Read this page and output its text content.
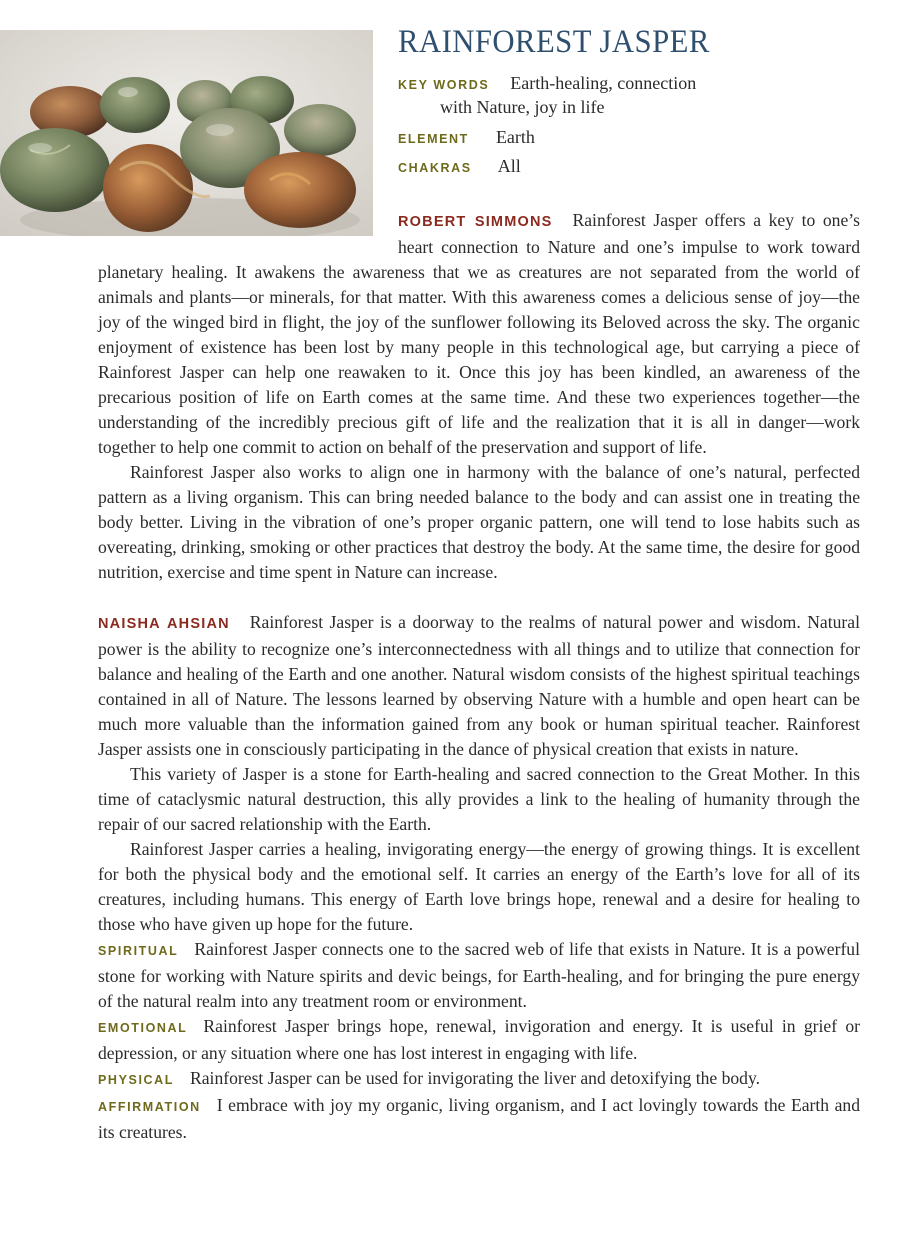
RAINFOREST JASPER
KEY WORDS Earth-healing, connection
with Nature, joy in life
ELEMENT Earth
CHAKRAS All

ROBERT SIMMONS Rainforest Jasper offers a key to one’s heart connection to Nature and one’s impulse to work toward planetary healing. It awakens the awareness that we as creatures are not separated from the world of animals and plants—or minerals, for that matter. With this awareness comes a delicious sense of joy—the joy of the winged bird in flight, the joy of the sunflower following its Beloved across the sky. The organic enjoyment of existence has been lost by many people in this technological age, but carrying a piece of Rainforest Jasper can help one reawaken to it. Once this joy has been kindled, an awareness of the precarious position of life on Earth comes at the same time. And these two experiences together—the understanding of the incredibly precious gift of life and the realization that it is all in danger—work together to help one commit to action on behalf of the preservation and support of life.

Rainforest Jasper also works to align one in harmony with the balance of one’s natural, perfected pattern as a living organism. This can bring needed balance to the body and can assist one in treating the body better. Living in the vibration of one’s proper organic pattern, one will tend to lose habits such as overeating, drinking, smoking or other practices that destroy the body. At the same time, the desire for good nutrition, exercise and time spent in Nature can increase.

NAISHA AHSIAN Rainforest Jasper is a doorway to the realms of natural power and wisdom. Natural power is the ability to recognize one’s interconnectedness with all things and to utilize that connection for balance and healing of the Earth and one another. Natural wisdom consists of the highest spiritual teachings contained in all of Nature. The lessons learned by observing Nature with a humble and open heart can be much more valuable than the information gained from any book or human spiritual teacher. Rainforest Jasper assists one in consciously participating in the dance of physical creation that exists in nature.

This variety of Jasper is a stone for Earth-healing and sacred connection to the Great Mother. In this time of cataclysmic natural destruction, this ally provides a link to the healing of humanity through the repair of our sacred relationship with the Earth.

Rainforest Jasper carries a healing, invigorating energy—the energy of growing things. It is excellent for both the physical body and the emotional self. It carries an energy of the Earth’s love for all of its creatures, including humans. This energy of Earth love brings hope, renewal and a desire for healing to those who have given up hope for the future.

SPIRITUAL Rainforest Jasper connects one to the sacred web of life that exists in Nature. It is a powerful stone for working with Nature spirits and devic beings, for Earth-healing, and for bringing the pure energy of the natural realm into any treatment room or environment.

EMOTIONAL Rainforest Jasper brings hope, renewal, invigoration and energy. It is useful in grief or depression, or any situation where one has lost interest in engaging with life.

PHYSICAL Rainforest Jasper can be used for invigorating the liver and detoxifying the body.

AFFIRMATION I embrace with joy my organic, living organism, and I act lovingly towards the Earth and its creatures.
